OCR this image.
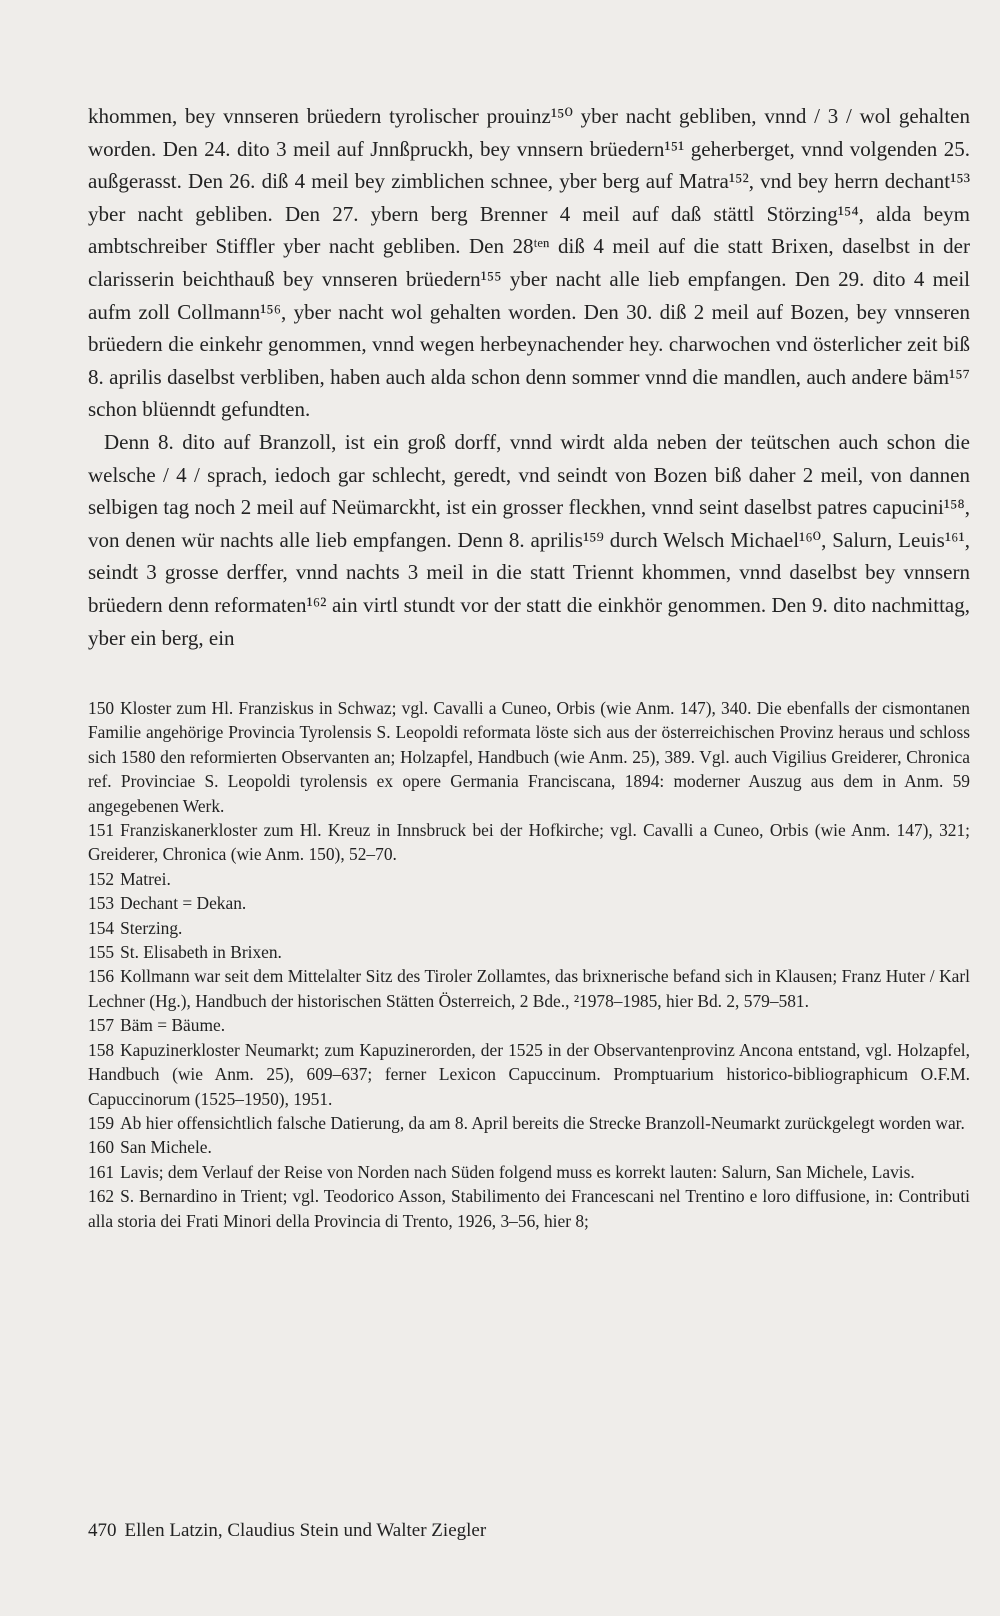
khommen, bey vnnseren brüedern tyrolischer prouinz¹⁵⁰ yber nacht gebliben, vnnd / 3 / wol gehalten worden. Den 24. dito 3 meil auf Jnnßpruckh, bey vnnsern brüedern¹⁵¹ geherberget, vnnd volgenden 25. außgerasst. Den 26. diß 4 meil bey zimblichen schnee, yber berg auf Matra¹⁵², vnd bey herrn dechant¹⁵³ yber nacht gebliben. Den 27. ybern berg Brenner 4 meil auf daß stättl Störzing¹⁵⁴, alda beym ambtschreiber Stiffler yber nacht gebliben. Den 28ᵗᵉⁿ diß 4 meil auf die statt Brixen, daselbst in der clarisserin beichthauß bey vnnseren brüedern¹⁵⁵ yber nacht alle lieb empfangen. Den 29. dito 4 meil aufm zoll Collmann¹⁵⁶, yber nacht wol gehalten worden. Den 30. diß 2 meil auf Bozen, bey vnnseren brüedern die einkehr genommen, vnnd wegen herbeynachender hey. charwochen vnd österlicher zeit biß 8. aprilis daselbst verbliben, haben auch alda schon denn sommer vnnd die mandlen, auch andere bäm¹⁵⁷ schon blüenndt gefundten.

Denn 8. dito auf Branzoll, ist ein groß dorff, vnnd wirdt alda neben der teütschen auch schon die welsche / 4 / sprach, iedoch gar schlecht, geredt, vnd seindt von Bozen biß daher 2 meil, von dannen selbigen tag noch 2 meil auf Neümarckht, ist ein grosser fleckhen, vnnd seint daselbst patres capucini¹⁵⁸, von denen wür nachts alle lieb empfangen. Denn 8. aprilis¹⁵⁹ durch Welsch Michael¹⁶⁰, Salurn, Leuis¹⁶¹, seindt 3 grosse derffer, vnnd nachts 3 meil in die statt Triennt khommen, vnnd daselbst bey vnnsern brüedern denn reformaten¹⁶² ain virtl stundt vor der statt die einkhör genommen. Den 9. dito nachmittag, yber ein berg, ein

150 Kloster zum Hl. Franziskus in Schwaz; vgl. Cavalli a Cuneo, Orbis (wie Anm. 147), 340. Die ebenfalls der cismontanen Familie angehörige Provincia Tyrolensis S. Leopoldi reformata löste sich aus der österreichischen Provinz heraus und schloss sich 1580 den reformierten Observanten an; Holzapfel, Handbuch (wie Anm. 25), 389. Vgl. auch Vigilius Greiderer, Chronica ref. Provinciae S. Leopoldi tyrolensis ex opere Germania Franciscana, 1894: moderner Auszug aus dem in Anm. 59 angegebenen Werk.

151 Franziskanerkloster zum Hl. Kreuz in Innsbruck bei der Hofkirche; vgl. Cavalli a Cuneo, Orbis (wie Anm. 147), 321; Greiderer, Chronica (wie Anm. 150), 52–70.

152 Matrei.

153 Dechant = Dekan.

154 Sterzing.

155 St. Elisabeth in Brixen.

156 Kollmann war seit dem Mittelalter Sitz des Tiroler Zollamtes, das brixnerische befand sich in Klausen; Franz Huter / Karl Lechner (Hg.), Handbuch der historischen Stätten Österreich, 2 Bde., ²1978–1985, hier Bd. 2, 579–581.

157 Bäm = Bäume.

158 Kapuzinerkloster Neumarkt; zum Kapuzinerorden, der 1525 in der Observantenprovinz Ancona entstand, vgl. Holzapfel, Handbuch (wie Anm. 25), 609–637; ferner Lexicon Capuccinum. Promptuarium historico-bibliographicum O.F.M. Capuccinorum (1525–1950), 1951.

159 Ab hier offensichtlich falsche Datierung, da am 8. April bereits die Strecke Branzoll-Neumarkt zurückgelegt worden war.

160 San Michele.

161 Lavis; dem Verlauf der Reise von Norden nach Süden folgend muss es korrekt lauten: Salurn, San Michele, Lavis.

162 S. Bernardino in Trient; vgl. Teodorico Asson, Stabilimento dei Francescani nel Trentino e loro diffusione, in: Contributi alla storia dei Frati Minori della Provincia di Trento, 1926, 3–56, hier 8;

470 Ellen Latzin, Claudius Stein und Walter Ziegler
